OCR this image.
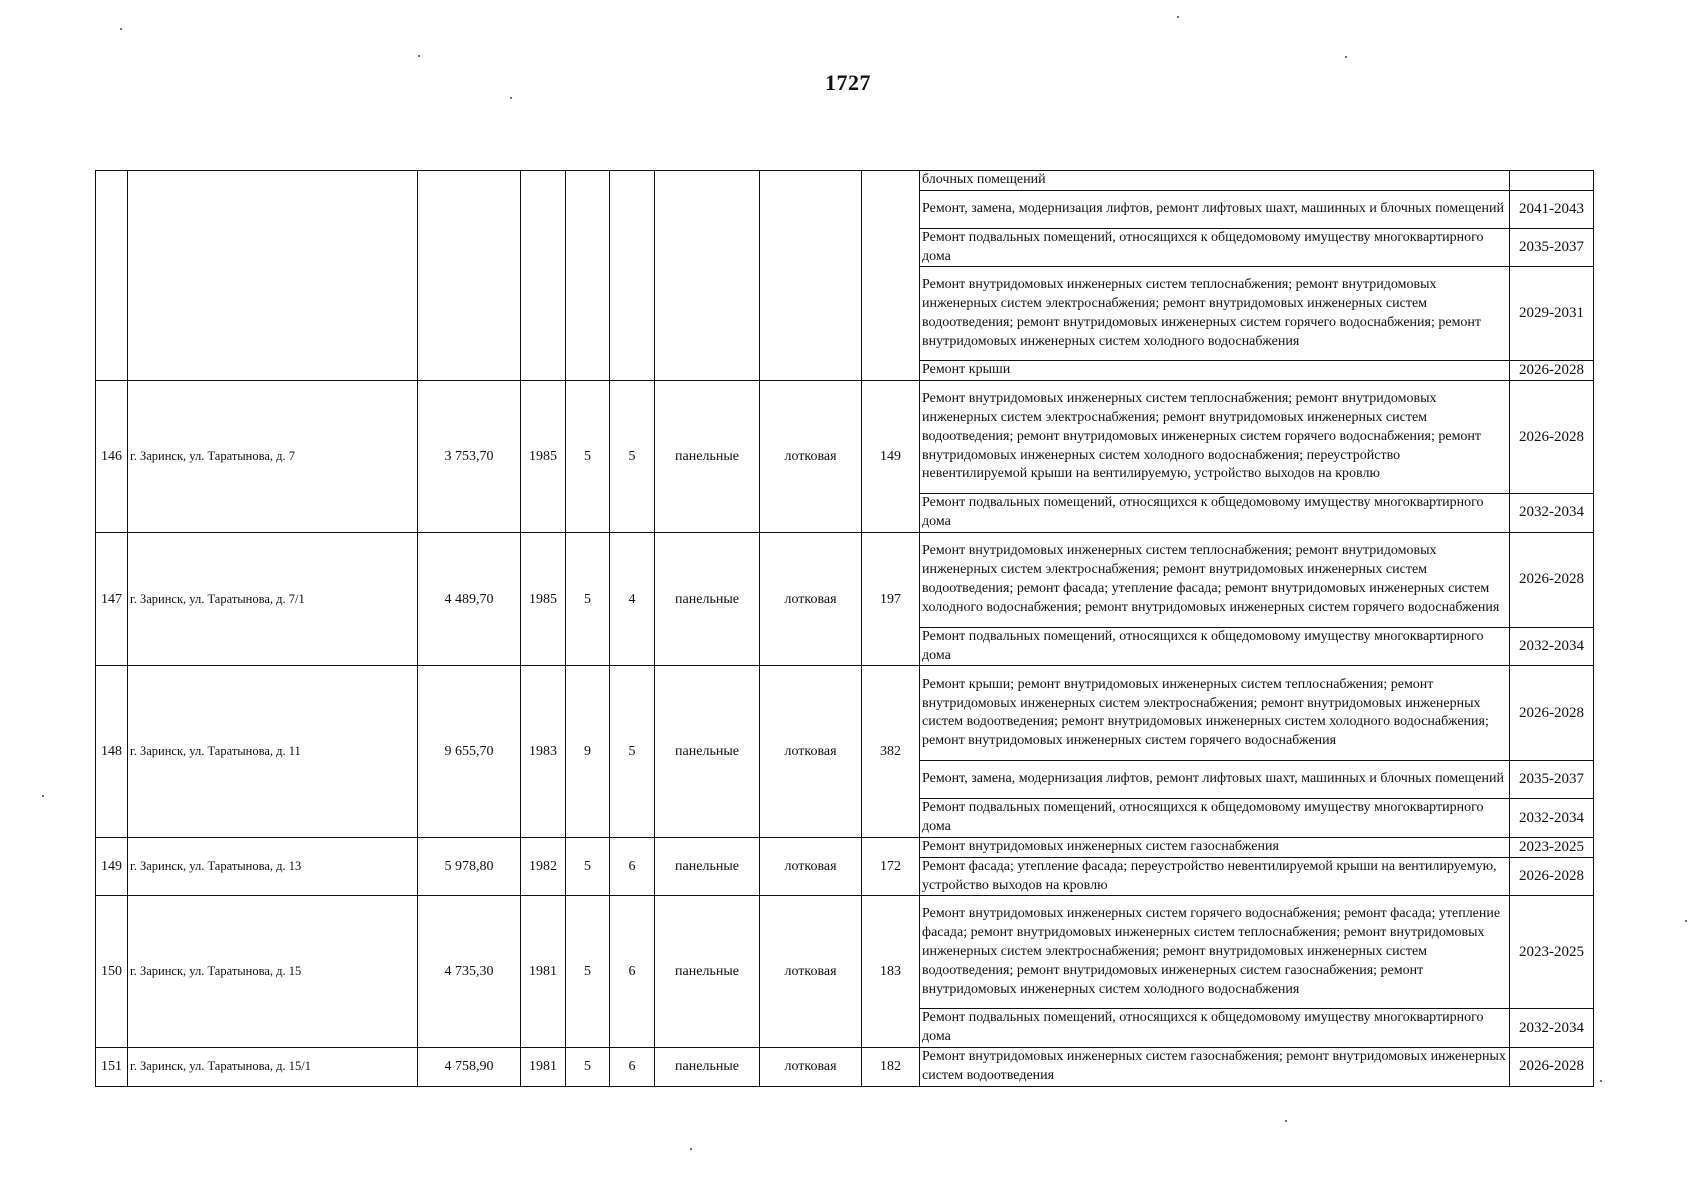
1727
									блочных помещений	
									Ремонт, замена, модернизация лифтов, ремонт лифтовых шахт, машинных и блочных помещений	2041-2043
									Ремонт подвальных помещений, относящихся к общедомовому имуществу многоквартирного дома	2035-2037
									Ремонт внутридомовых инженерных систем теплоснабжения; ремонт внутридомовых инженерных систем электроснабжения; ремонт внутридомовых инженерных систем водоотведения; ремонт внутридомовых инженерных систем горячего водоснабжения; ремонт внутридомовых инженерных систем холодного водоснабжения	2029-2031
									Ремонт крыши	2026-2028
146	г. Заринск, ул. Таратынова, д. 7	3 753,70	1985	5	5	панельные	лотковая	149	Ремонт внутридомовых инженерных систем теплоснабжения; ремонт внутридомовых инженерных систем электроснабжения; ремонт внутридомовых инженерных систем водоотведения; ремонт внутридомовых инженерных систем горячего водоснабжения; ремонт внутридомовых инженерных систем холодного водоснабжения; переустройство невентилируемой крыши на вентилируемую, устройство выходов на кровлю	2026-2028
									Ремонт подвальных помещений, относящихся к общедомовому имуществу многоквартирного дома	2032-2034
147	г. Заринск, ул. Таратынова, д. 7/1	4 489,70	1985	5	4	панельные	лотковая	197	Ремонт внутридомовых инженерных систем теплоснабжения; ремонт внутридомовых инженерных систем электроснабжения; ремонт внутридомовых инженерных систем водоотведения; ремонт фасада; утепление фасада; ремонт внутридомовых инженерных систем холодного водоснабжения; ремонт внутридомовых инженерных систем горячего водоснабжения	2026-2028
									Ремонт подвальных помещений, относящихся к общедомовому имуществу многоквартирного дома	2032-2034
148	г. Заринск, ул. Таратынова, д. 11	9 655,70	1983	9	5	панельные	лотковая	382	Ремонт крыши; ремонт внутридомовых инженерных систем теплоснабжения; ремонт внутридомовых инженерных систем электроснабжения; ремонт внутридомовых инженерных систем водоотведения; ремонт внутридомовых инженерных систем холодного водоснабжения; ремонт внутридомовых инженерных систем горячего водоснабжения	2026-2028
									Ремонт, замена, модернизация лифтов, ремонт лифтовых шахт, машинных и блочных помещений	2035-2037
									Ремонт подвальных помещений, относящихся к общедомовому имуществу многоквартирного дома	2032-2034
149	г. Заринск, ул. Таратынова, д. 13	5 978,80	1982	5	6	панельные	лотковая	172	Ремонт внутридомовых инженерных систем газоснабжения	2023-2025
									Ремонт фасада; утепление фасада; переустройство невентилируемой крыши на вентилируемую, устройство выходов на кровлю	2026-2028
150	г. Заринск, ул. Таратынова, д. 15	4 735,30	1981	5	6	панельные	лотковая	183	Ремонт внутридомовых инженерных систем горячего водоснабжения; ремонт фасада; утепление фасада; ремонт внутридомовых инженерных систем теплоснабжения; ремонт внутридомовых инженерных систем электроснабжения; ремонт внутридомовых инженерных систем водоотведения; ремонт внутридомовых инженерных систем газоснабжения; ремонт внутридомовых инженерных систем холодного водоснабжения	2023-2025
									Ремонт подвальных помещений, относящихся к общедомовому имуществу многоквартирного дома	2032-2034
151	г. Заринск, ул. Таратынова, д. 15/1	4 758,90	1981	5	6	панельные	лотковая	182	Ремонт внутридомовых инженерных систем газоснабжения; ремонт внутридомовых инженерных систем водоотведения	2026-2028
